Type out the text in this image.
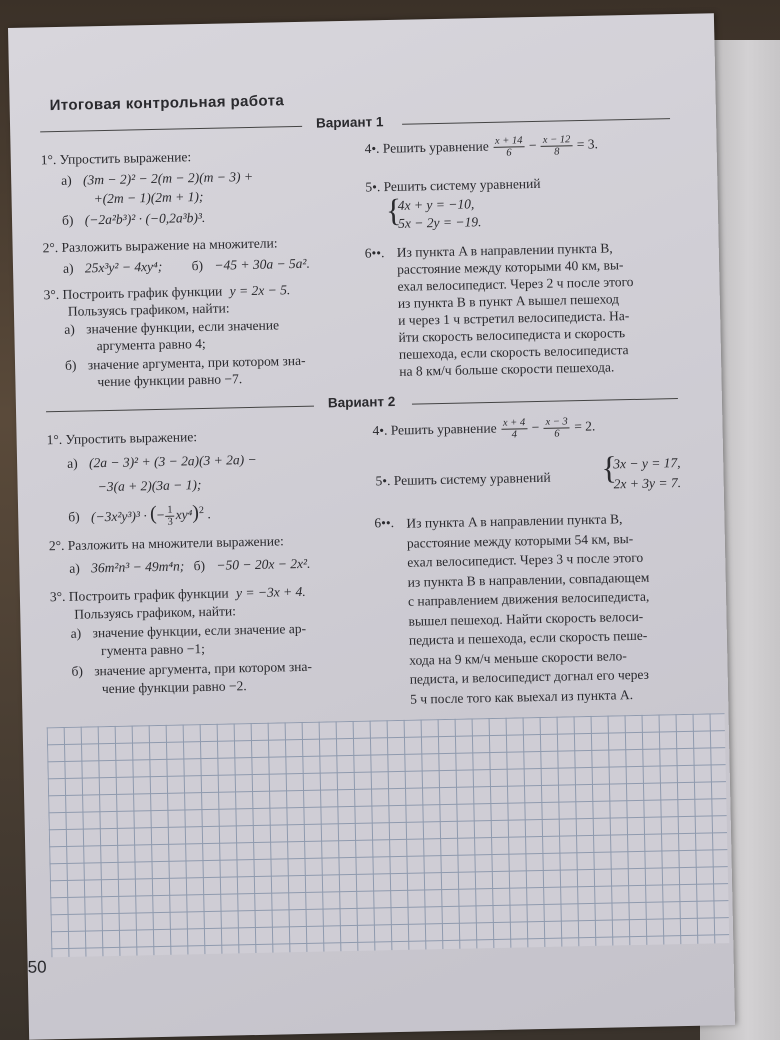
Итоговая контрольная работа
Вариант 1
1°. Упростить выражение:
а) (3m − 2)² − 2(m − 2)(m − 3) +
+(2m − 1)(2m + 1);
б) (−2a²b³)² · (−0,2a³b)³.
2°. Разложить выражение на множители:
а) 25x³y² − 4xy⁴; б) −45 + 30a − 5a².
3°. Построить график функции y = 2x − 5.
Пользуясь графиком, найти:
а) значение функции, если значение
аргумента равно 4;
б) значение аргумента, при котором зна-
чение функции равно −7.
4•. Решить уравнение $\frac{x + 14}{6} - \frac{x - 12}{8} = 3$.
5•. Решить систему уравнений
{
4x + y = −10,
5x − 2y = −19.
6••. Из пункта A в направлении пункта B,
расстояние между которыми 40 км, вы-
ехал велосипедист. Через 2 ч после этого
из пункта B в пункт A вышел пешеход
и через 1 ч встретил велосипедиста. На-
йти скорость велосипедиста и скорость
пешехода, если скорость велосипедиста
на 8 км/ч больше скорости пешехода.
Вариант 2
1°. Упростить выражение:
а) (2a − 3)² + (3 − 2a)(3 + 2a) −
−3(a + 2)(3a − 1);
б) (−3x²y³)³ · (− $\frac{1}{3} xy^4)^2$ .
2°. Разложить на множители выражение:
а) 36m²n³ − 49m⁴n; б) −50 − 20x − 2x².
3°. Построить график функции y = −3x + 4.
Пользуясь графиком, найти:
а) значение функции, если значение ар-
гумента равно −1;
б) значение аргумента, при котором зна-
чение функции равно −2.
4•. Решить уравнение $\frac{x + 4}{4} - \frac{x - 3}{6} = 2$.
5•. Решить систему уравнений {
3x − y = 17,
2x + 3y = 7.
6••. Из пункта A в направлении пункта B,
расстояние между которыми 54 км, вы-
ехал велосипедист. Через 3 ч после этого
из пункта B в направлении, совпадающем
с направлением движения велосипедиста,
вышел пешеход. Найти скорость велоси-
педиста и пешехода, если скорость пеше-
хода на 9 км/ч меньше скорости вело-
педиста, и велосипедист догнал его через
5 ч после того как выехал из пункта A.
50
